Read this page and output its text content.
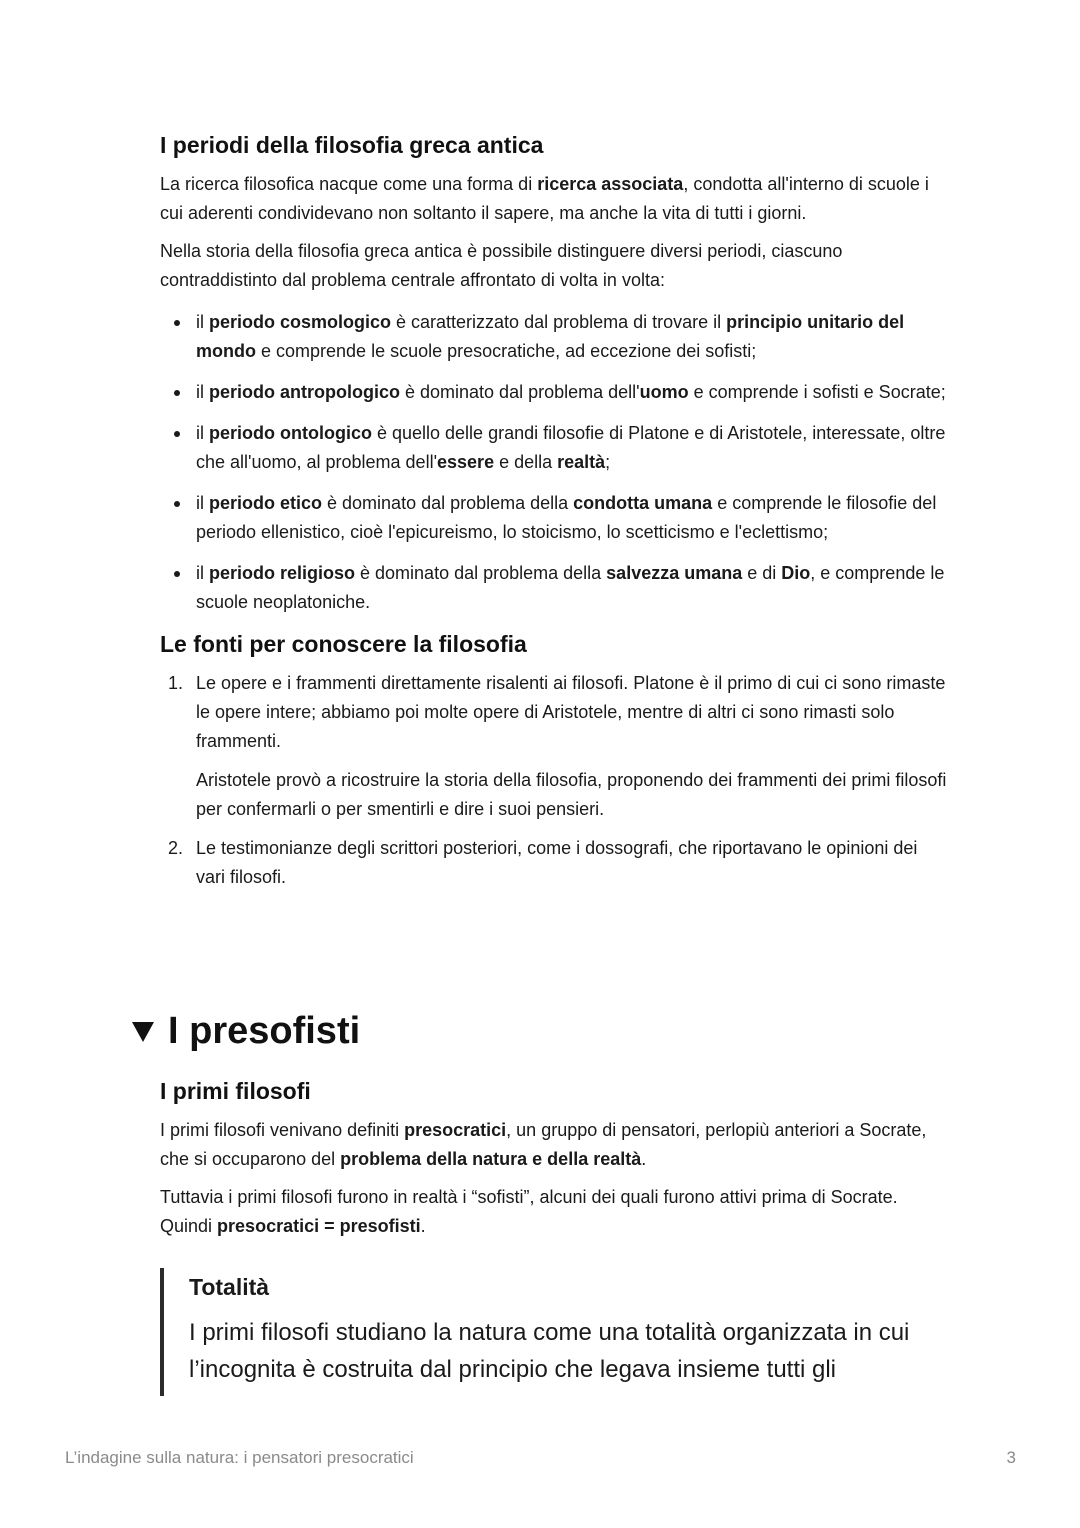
I periodi della filosofia greca antica

La ricerca filosofica nacque come una forma di ricerca associata, condotta all'interno di scuole i cui aderenti condividevano non soltanto il sapere, ma anche la vita di tutti i giorni.

Nella storia della filosofia greca antica è possibile distinguere diversi periodi, ciascuno contraddistinto dal problema centrale affrontato di volta in volta:

il periodo cosmologico è caratterizzato dal problema di trovare il principio unitario del mondo e comprende le scuole presocratiche, ad eccezione dei sofisti;
il periodo antropologico è dominato dal problema dell'uomo e comprende i sofisti e Socrate;
il periodo ontologico è quello delle grandi filosofie di Platone e di Aristotele, interessate, oltre che all'uomo, al problema dell'essere e della realtà;
il periodo etico è dominato dal problema della condotta umana e comprende le filosofie del periodo ellenistico, cioè l'epicureismo, lo stoicismo, lo scetticismo e l'eclettismo;
il periodo religioso è dominato dal problema della salvezza umana e di Dio, e comprende le scuole neoplatoniche.
Le fonti per conoscere la filosofia
1. Le opere e i frammenti direttamente risalenti ai filosofi. Platone è il primo di cui ci sono rimaste le opere intere; abbiamo poi molte opere di Aristotele, mentre di altri ci sono rimasti solo frammenti.

Aristotele provò a ricostruire la storia della filosofia, proponendo dei frammenti dei primi filosofi per confermarli o per smentirli e dire i suoi pensieri.

2. Le testimonianze degli scrittori posteriori, come i dossografi, che riportavano le opinioni dei vari filosofi.

I presofisti
I primi filosofi

I primi filosofi venivano definiti presocratici, un gruppo di pensatori, perlopiù anteriori a Socrate, che si occuparono del problema della natura e della realtà.

Tuttavia i primi filosofi furono in realtà i “sofisti”, alcuni dei quali furono attivi prima di Socrate. Quindi presocratici = presofisti.

Totalità

I primi filosofi studiano la natura come una totalità organizzata in cui l’incognita è costruita dal principio che legava insieme tutti gli

L’indagine sulla natura: i pensatori presocratici	3
